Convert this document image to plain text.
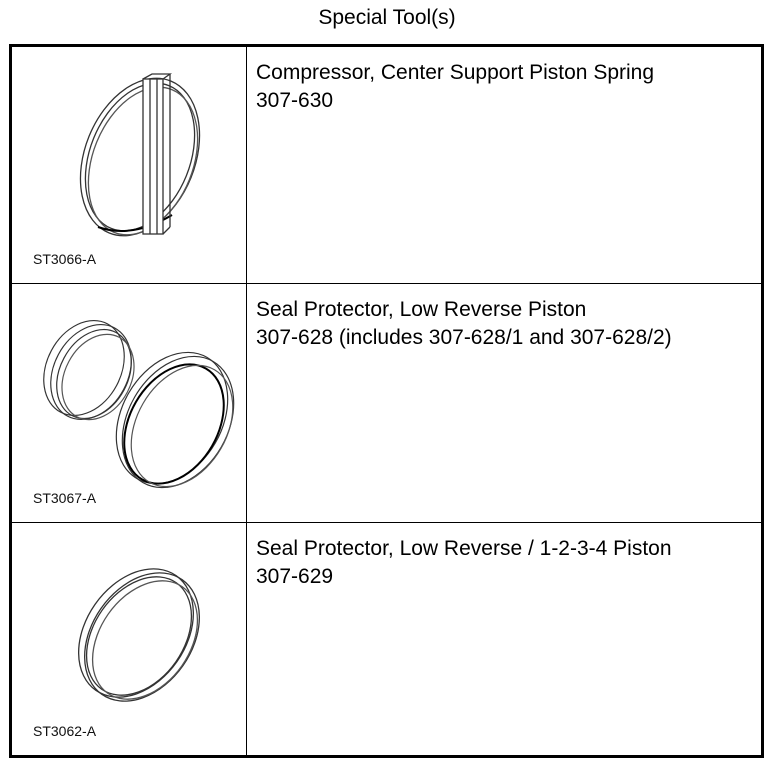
Special Tool(s)
ST3066-A	Compressor, Center Support Piston Spring
307-630

ST3067-A	Seal Protector, Low Reverse Piston
307-628 (includes 307-628/1 and 307-628/2)

ST3062-A	Seal Protector, Low Reverse / 1-2-3-4 Piston
307-629
